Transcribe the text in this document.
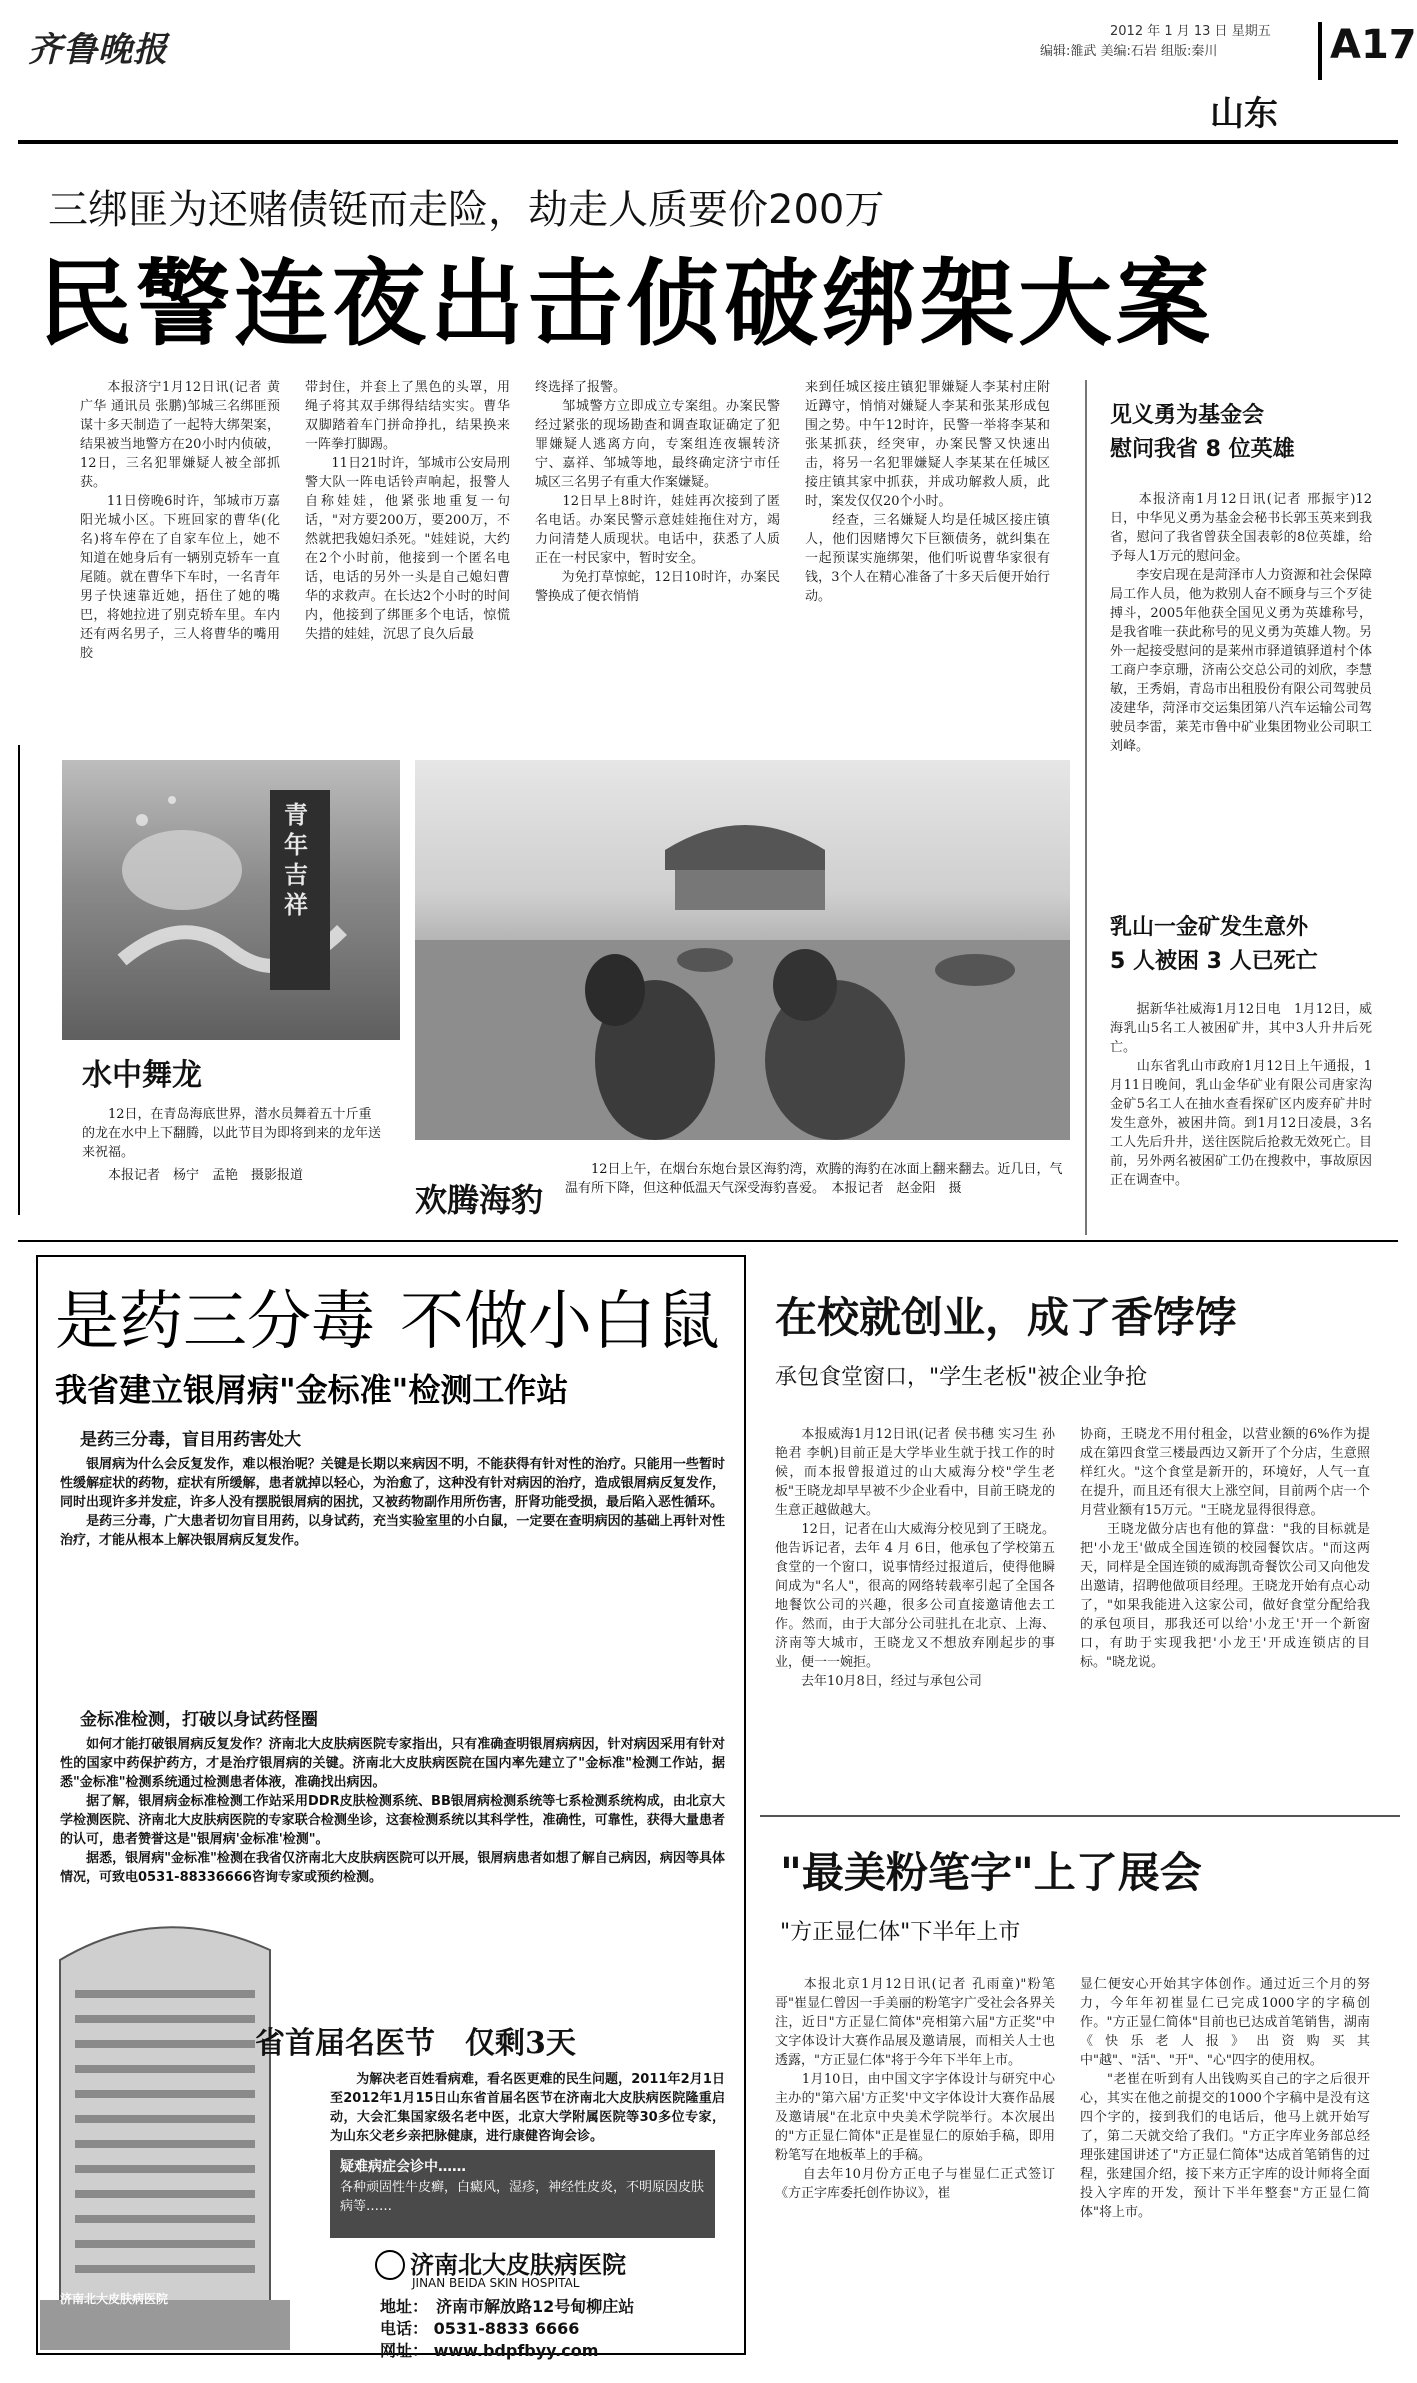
齐鲁晚报	2012 年 1 月 13 日 星期五
编辑:雒武 美编:石岩 组版:秦川	A17
山东
三绑匪为还赌债铤而走险，劫走人质要价200万
民警连夜出击侦破绑架大案
　　本报济宁1月12日讯(记者 黄广华 通讯员 张鹏)邹城三名绑匪预谋十多天制造了一起特大绑架案，结果被当地警方在20小时内侦破，12日，三名犯罪嫌疑人被全部抓获。
　　11日傍晚6时许，邹城市万嘉阳光城小区。下班回家的曹华(化名)将车停在了自家车位上，她不知道在她身后有一辆别克轿车一直尾随。就在曹华下车时，一名青年男子快速靠近她，捂住了她的嘴巴，将她拉进了别克轿车里。车内还有两名男子，三人将曹华的嘴用胶
带封住，并套上了黑色的头罩，用绳子将其双手绑得结结实实。曹华双脚踏着车门拼命挣扎，结果换来一阵拳打脚踢。
　　11日21时许，邹城市公安局刑警大队一阵电话铃声响起，报警人自称娃娃，他紧张地重复一句话，"对方要200万，要200万，不然就把我媳妇杀死。"娃娃说，大约在2个小时前，他接到一个匿名电话，电话的另外一头是自己媳妇曹华的求救声。在长达2个小时的时间内，他接到了绑匪多个电话，惊慌失措的娃娃，沉思了良久后最
终选择了报警。
　　邹城警方立即成立专案组。办案民警经过紧张的现场勘查和调查取证确定了犯罪嫌疑人逃离方向，专案组连夜辗转济宁、嘉祥、邹城等地，最终确定济宁市任城区三名男子有重大作案嫌疑。
　　12日早上8时许，娃娃再次接到了匿名电话。办案民警示意娃娃拖住对方，竭力问清楚人质现状。电话中，获悉了人质正在一村民家中，暂时安全。
　　为免打草惊蛇，12日10时许，办案民警换成了便衣悄悄
来到任城区接庄镇犯罪嫌疑人李某村庄附近蹲守，悄悄对嫌疑人李某和张某形成包围之势。中午12时许，民警一举将李某和张某抓获，经突审，办案民警又快速出击，将另一名犯罪嫌疑人李某某在任城区接庄镇其家中抓获，并成功解救人质，此时，案发仅仅20个小时。
　　经查，三名嫌疑人均是任城区接庄镇人，他们因赌博欠下巨额债务，就纠集在一起预谋实施绑架，他们听说曹华家很有钱，3个人在精心准备了十多天后便开始行动。
见义勇为基金会
慰问我省 8 位英雄
　　本报济南1月12日讯(记者 邢振宇)12日，中华见义勇为基金会秘书长郭玉英来到我省，慰问了我省曾获全国表彰的8位英雄，给予每人1万元的慰问金。
　　李安启现在是菏泽市人力资源和社会保障局工作人员，他为救别人奋不顾身与三个歹徒搏斗，2005年他获全国见义勇为英雄称号，是我省唯一获此称号的见义勇为英雄人物。另外一起接受慰问的是莱州市驿道镇驿道村个体工商户李京珊，济南公交总公司的刘欣，李慧敏，王秀娟，青岛市出租股份有限公司驾驶员凌建华，菏泽市交运集团第八汽车运输公司驾驶员李雷，莱芜市鲁中矿业集团物业公司职工刘峰。
乳山一金矿发生意外
5 人被困 3 人已死亡
　　据新华社威海1月12日电　1月12日，威海乳山5名工人被困矿井，其中3人升井后死亡。
　　山东省乳山市政府1月12日上午通报，1月11日晚间，乳山金华矿业有限公司唐家沟金矿5名工人在抽水查看探矿区内废弃矿井时发生意外，被困井筒。到1月12日凌晨，3名工人先后升井，送往医院后抢救无效死亡。目前，另外两名被困矿工仍在搜救中，事故原因正在调查中。
青年吉祥
水中舞龙
　　12日，在青岛海底世界，潜水员舞着五十斤重的龙在水中上下翻腾，以此节目为即将到来的龙年送来祝福。
　　本报记者　杨宁　孟艳　摄影报道
欢腾海豹
　　12日上午，在烟台东炮台景区海豹湾，欢腾的海豹在冰面上翻来翻去。近几日，气温有所下降，但这种低温天气深受海豹喜爱。　本报记者　赵金阳　摄
是药三分毒 不做小白鼠
我省建立银屑病"金标准"检测工作站
是药三分毒，盲目用药害处大
　　银屑病为什么会反复发作，难以根治呢？关键是长期以来病因不明，不能获得有针对性的治疗。只能用一些暂时性缓解症状的药物，症状有所缓解，患者就掉以轻心，为治愈了，这种没有针对病因的治疗，造成银屑病反复发作，同时出现许多并发症，许多人没有摆脱银屑病的困扰，又被药物副作用所伤害，肝肾功能受损，最后陷入恶性循环。
　　是药三分毒，广大患者切勿盲目用药，以身试药，充当实验室里的小白鼠，一定要在查明病因的基础上再针对性治疗，才能从根本上解决银屑病反复发作。
金标准检测，打破以身试药怪圈
　　如何才能打破银屑病反复发作？济南北大皮肤病医院专家指出，只有准确查明银屑病病因，针对病因采用有针对性的国家中药保护药方，才是治疗银屑病的关键。济南北大皮肤病医院在国内率先建立了"金标准"检测工作站，据悉"金标准"检测系统通过检测患者体液，准确找出病因。
　　据了解，银屑病金标准检测工作站采用DDR皮肤检测系统、BB银屑病检测系统等七系检测系统构成，由北京大学检测医院、济南北大皮肤病医院的专家联合检测坐诊，这套检测系统以其科学性，准确性，可靠性，获得大量患者的认可，患者赞誉这是"银屑病'金标准'检测"。
　　据悉，银屑病"金标准"检测在我省仅济南北大皮肤病医院可以开展，银屑病患者如想了解自己病因，病因等具体情况，可致电0531-88336666咨询专家或预约检测。
济南北大皮肤病医院
省首届名医节　仅剩3天
　　为解决老百姓看病难，看名医更难的民生问题，2011年2月1日至2012年1月15日山东省首届名医节在济南北大皮肤病医院隆重启动，大会汇集国家级名老中医，北京大学附属医院等30多位专家，为山东父老乡亲把脉健康，进行康健咨询会诊。
疑难病症会诊中……
各种顽固性牛皮癣，白癜风，湿疹，神经性皮炎，不明原因皮肤病等……
济南北大皮肤病医院
JINAN BEIDA SKIN HOSPITAL
在校就创业，成了香饽饽
承包食堂窗口，"学生老板"被企业争抢
　　本报威海1月12日讯(记者 侯书穗 实习生 孙艳君 李帆)目前正是大学毕业生就于找工作的时候，而本报曾报道过的山大威海分校"学生老板"王晓龙却早早被不少企业看中，目前王晓龙的生意正越做越大。
　　12日，记者在山大威海分校见到了王晓龙。他告诉记者，去年 4 月 6日，他承包了学校第五食堂的一个窗口，说事情经过报道后，使得他瞬间成为"名人"，很高的网络转载率引起了全国各地餐饮公司的兴趣，很多公司直接邀请他去工作。然而，由于大部分公司驻扎在北京、上海、济南等大城市，王晓龙又不想放弃刚起步的事业，便一一婉拒。
　　去年10月8日，经过与承包公司
协商，王晓龙不用付租金，以营业额的6%作为提成在第四食堂三楼最西边又新开了个分店，生意照样红火。"这个食堂是新开的，环境好，人气一直在提升，而且还有很大上涨空间，目前两个店一个月营业额有15万元。"王晓龙显得很得意。
　　王晓龙做分店也有他的算盘："我的目标就是把'小龙王'做成全国连锁的校园餐饮店。"而这两天，同样是全国连锁的威海凯奇餐饮公司又向他发出邀请，招聘他做项目经理。王晓龙开始有点心动了，"如果我能进入这家公司，做好食堂分配给我的承包项目，那我还可以给'小龙王'开一个新窗口，有助于实现我把'小龙王'开成连锁店的目标。"晓龙说。
"最美粉笔字"上了展会
"方正显仁体"下半年上市
　　本报北京1月12日讯(记者 孔雨童)"粉笔哥"崔显仁曾因一手美丽的粉笔字广受社会各界关注，近日"方正显仁简体"亮相第六届"方正奖"中文字体设计大赛作品展及邀请展，而相关人士也透露，"方正显仁体"将于今年下半年上市。
　　1月10日，由中国文字字体设计与研究中心主办的"第六届'方正奖'中文字体设计大赛作品展及邀请展"在北京中央美术学院举行。本次展出的"方正显仁简体"正是崔显仁的原始手稿，即用粉笔写在地板革上的手稿。
　　自去年10月份方正电子与崔显仁正式签订《方正字库委托创作协议》，崔
显仁便安心开始其字体创作。通过近三个月的努力，今年年初崔显仁已完成1000字的字稿创作。"方正显仁简体"目前也已达成首笔销售，湖南《快乐老人报》出资购买其中"越"、"活"、"开"、"心"四字的使用权。
　　"老崔在听到有人出钱购买自己的字之后很开心，其实在他之前提交的1000个字稿中是没有这四个字的，接到我们的电话后，他马上就开始写了，第二天就交给了我们。"方正字库业务部总经理张建国讲述了"方正显仁简体"达成首笔销售的过程，张建国介绍，接下来方正字库的设计师将全面投入字库的开发，预计下半年整套"方正显仁简体"将上市。
地址：　济南市解放路12号甸柳庄站
电话： 0531-8833 6666
网址： www.bdpfbyy.com
